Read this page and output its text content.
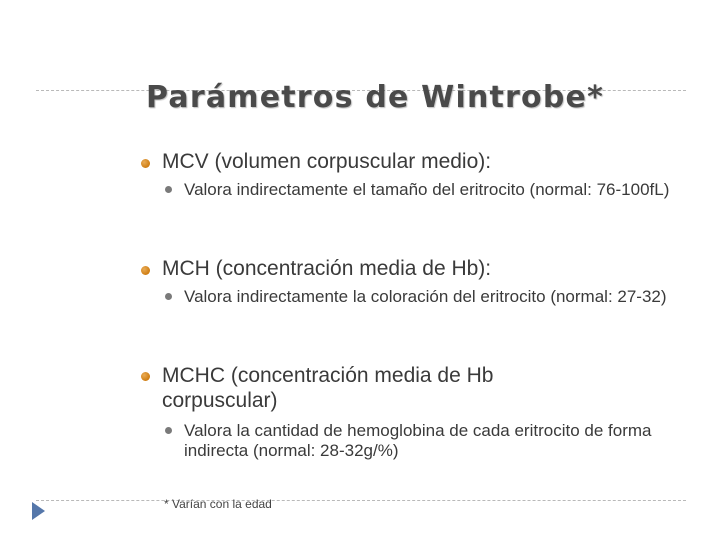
Parámetros de Wintrobe*
MCV (volumen corpuscular medio):
Valora indirectamente el tamaño del eritrocito (normal: 76-100fL)
MCH (concentración media de Hb):
Valora indirectamente la coloración del eritrocito (normal: 27-32)
MCHC (concentración media de Hb corpuscular)
Valora la cantidad de hemoglobina de cada eritrocito de forma indirecta (normal: 28-32g/%)
* Varían con la edad
